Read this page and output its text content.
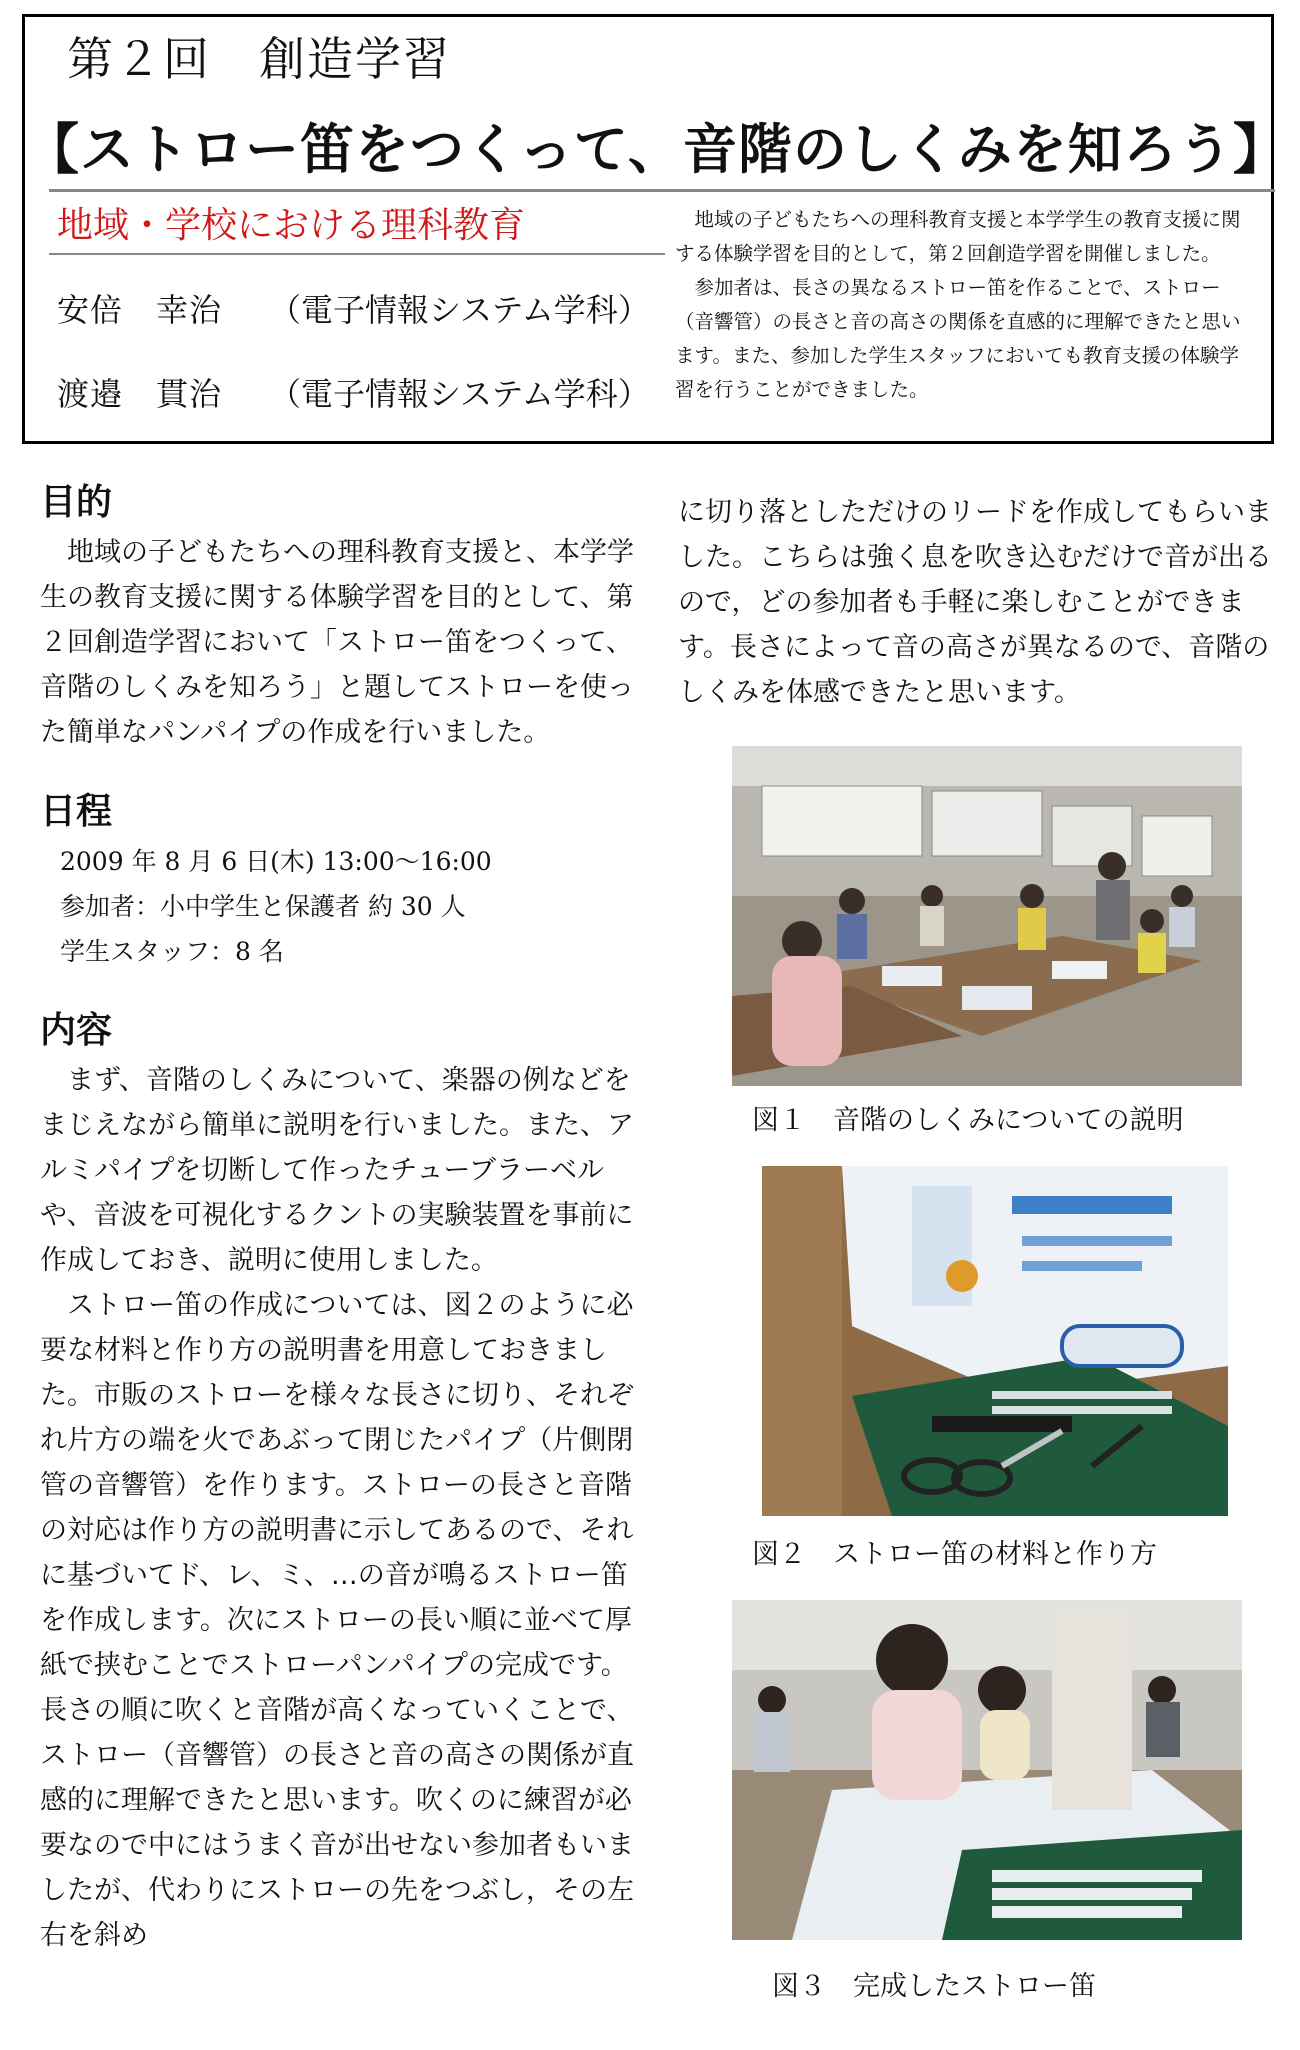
第２回　創造学習
【ストロー笛をつくって、音階のしくみを知ろう】
地域・学校における理科教育
安倍　幸治	（電子情報システム学科）
渡邉　貫治	（電子情報システム学科）

地域の子どもたちへの理科教育支援と本学学生の教育支援に関する体験学習を目的として，第２回創造学習を開催しました。

参加者は、長さの異なるストロー笛を作ることで、ストロー（音響管）の長さと音の高さの関係を直感的に理解できたと思います。また、参加した学生スタッフにおいても教育支援の体験学習を行うことができました。

目的

地域の子どもたちへの理科教育支援と、本学学生の教育支援に関する体験学習を目的として、第２回創造学習において「ストロー笛をつくって、音階のしくみを知ろう」と題してストローを使った簡単なパンパイプの作成を行いました。

日程

2009 年 8 月 6 日(木) 13:00～16:00

参加者：小中学生と保護者 約 30 人

学生スタッフ：8 名

内容

まず、音階のしくみについて、楽器の例などをまじえながら簡単に説明を行いました。また、アルミパイプを切断して作ったチューブラーベルや、音波を可視化するクントの実験装置を事前に作成しておき、説明に使用しました。

ストロー笛の作成については、図２のように必要な材料と作り方の説明書を用意しておきました。市販のストローを様々な長さに切り、それぞれ片方の端を火であぶって閉じたパイプ（片側閉管の音響管）を作ります。ストローの長さと音階の対応は作り方の説明書に示してあるので、それに基づいてド、レ、ミ、…の音が鳴るストロー笛を作成します。次にストローの長い順に並べて厚紙で挟むことでストローパンパイプの完成です。長さの順に吹くと音階が高くなっていくことで、ストロー（音響管）の長さと音の高さの関係が直感的に理解できたと思います。吹くのに練習が必要なので中にはうまく音が出せない参加者もいましたが、代わりにストローの先をつぶし，その左右を斜め

に切り落としただけのリードを作成してもらいました。こちらは強く息を吹き込むだけで音が出るので，どの参加者も手軽に楽しむことができます。長さによって音の高さが異なるので、音階のしくみを体感できたと思います。

図１　音階のしくみについての説明
図２　ストロー笛の材料と作り方
図３　完成したストロー笛
